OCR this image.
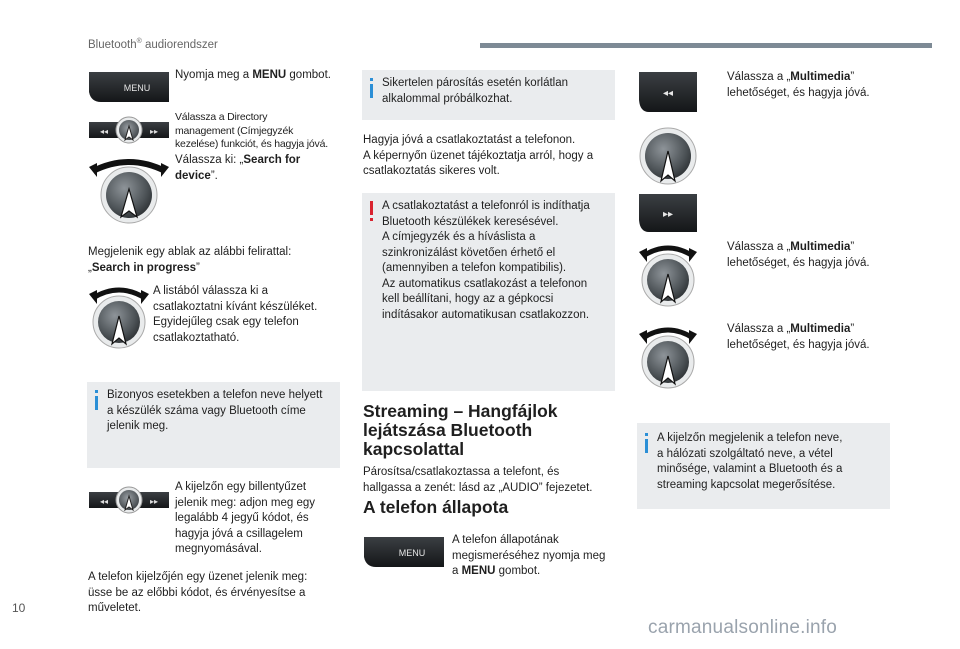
Bluetooth® audiorendszer
MENU
Nyomja meg a MENU gombot.
◂◂	▸▸
Válassza a Directory
management (Címjegyzék
kezelése) funkciót, és hagyja jóvá.
Válassza ki: „Search for
device”.
Megjelenik egy ablak az alábbi felirattal:
„Search in progress”
A listából válassza ki a
csatlakoztatni kívánt készüléket.
Egyidejűleg csak egy telefon
csatlakoztatható.
Bizonyos esetekben a telefon neve helyett
a készülék száma vagy Bluetooth címe
jelenik meg.
◂◂	▸▸
A kijelzőn egy billentyűzet
jelenik meg: adjon meg egy
legalább 4 jegyű kódot, és
hagyja jóvá a csillagelem
megnyomásával.
A telefon kijelzőjén egy üzenet jelenik meg:
üsse be az előbbi kódot, és érvényesítse a
műveletet.
Sikertelen párosítás esetén korlátlan
alkalommal próbálkozhat.
Hagyja jóvá a csatlakoztatást a telefonon.
A képernyőn üzenet tájékoztatja arról, hogy a
csatlakoztatás sikeres volt.
A csatlakoztatást a telefonról is indíthatja
Bluetooth készülékek keresésével.
A címjegyzék és a híváslista a
szinkronizálást követően érhető el
(amennyiben a telefon kompatibilis).
Az automatikus csatlakozást a telefonon
kell beállítani, hogy az a gépkocsi
indításakor automatikusan csatlakozzon.
Streaming – Hangfájlok
lejátszása Bluetooth
kapcsolattal
Párosítsa/csatlakoztassa a telefont, és
hallgassa a zenét: lásd az „AUDIO” fejezetet.
A telefon állapota
MENU
A telefon állapotának
megismeréséhez nyomja meg
a MENU gombot.
◂◂
Válassza a „Multimedia”
lehetőséget, és hagyja jóvá.
▸▸
Válassza a „Multimedia”
lehetőséget, és hagyja jóvá.
Válassza a „Multimedia”
lehetőséget, és hagyja jóvá.
A kijelzőn megjelenik a telefon neve,
a hálózati szolgáltató neve, a vétel
minősége, valamint a Bluetooth és a
streaming kapcsolat megerősítése.
10
carmanualsonline.info
